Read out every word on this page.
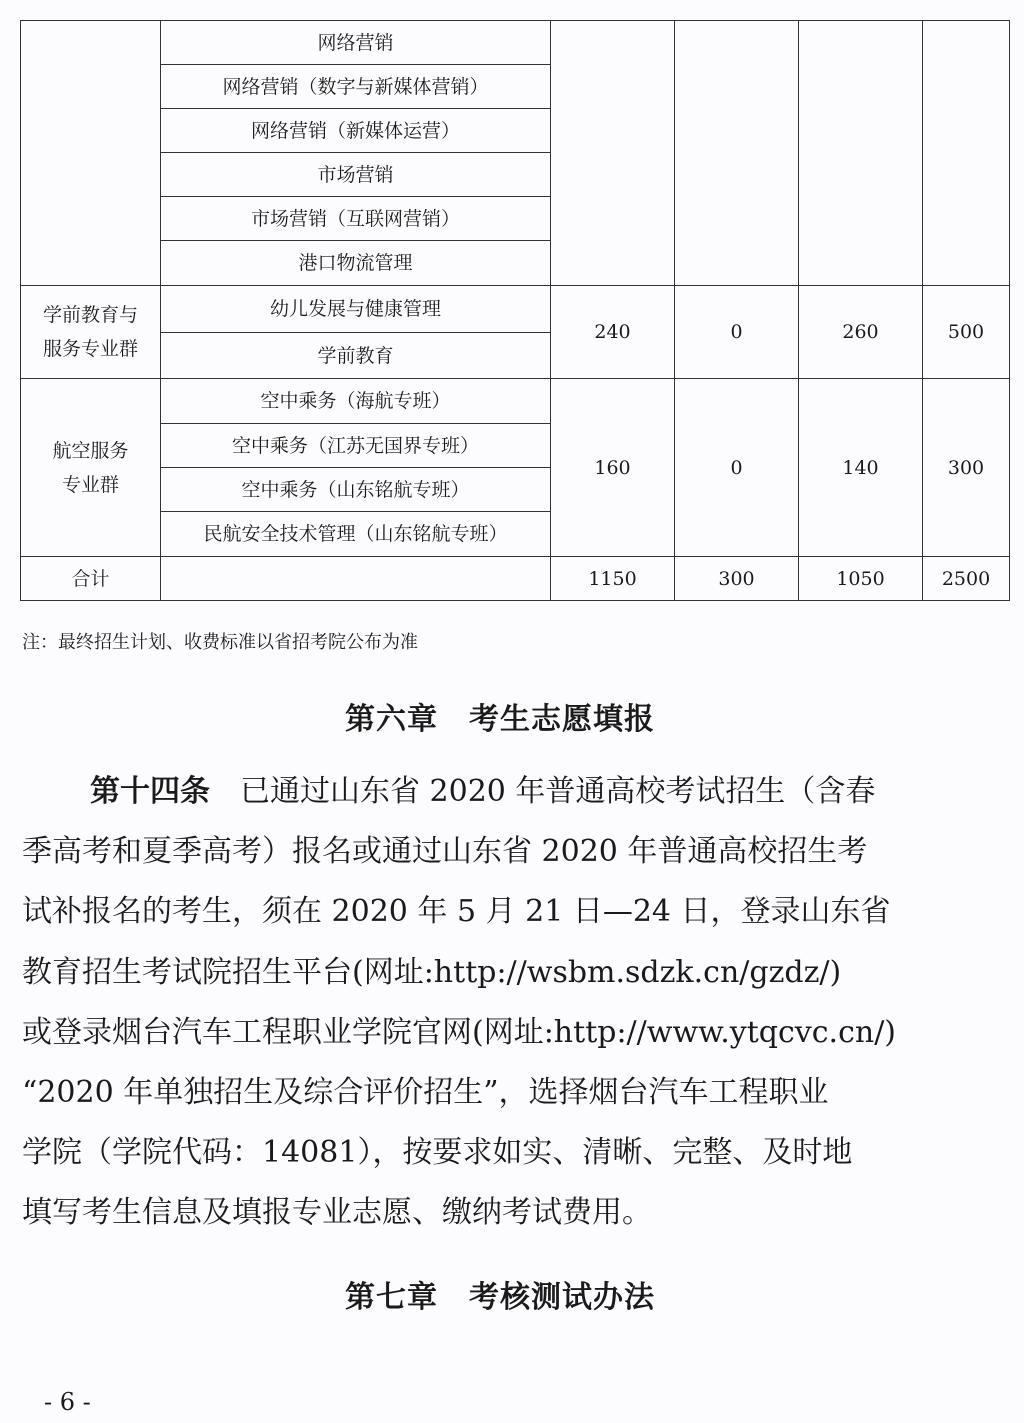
	网络营销				
	网络营销（数字与新媒体营销）				
	网络营销（新媒体运营）				
	市场营销				
	市场营销（互联网营销）				
	港口物流管理				

学前教育与
服务专业群	幼儿发展与健康管理	240	0	260	500
	学前教育				

航空服务
专业群	空中乘务（海航专班）	160	0	140	300
	空中乘务（江苏无国界专班）				
	空中乘务（山东铭航专班）				
	民航安全技术管理（山东铭航专班）				
合计		1150	300	1050	2500
注：最终招生计划、收费标准以省招考院公布为准
第六章　考生志愿填报
第十四条　已通过山东省 2020 年普通高校考试招生（含春
季高考和夏季高考）报名或通过山东省 2020 年普通高校招生考
试补报名的考生，须在 2020 年 5 月 21 日—24 日，登录山东省
教育招生考试院招生平台(网址:http://wsbm.sdzk.cn/gzdz/)
或登录烟台汽车工程职业学院官网(网址:http://www.ytqcvc.cn/)
“2020 年单独招生及综合评价招生”，选择烟台汽车工程职业
学院（学院代码：14081），按要求如实、清晰、完整、及时地
填写考生信息及填报专业志愿、缴纳考试费用。
第七章　考核测试办法
- 6 -
